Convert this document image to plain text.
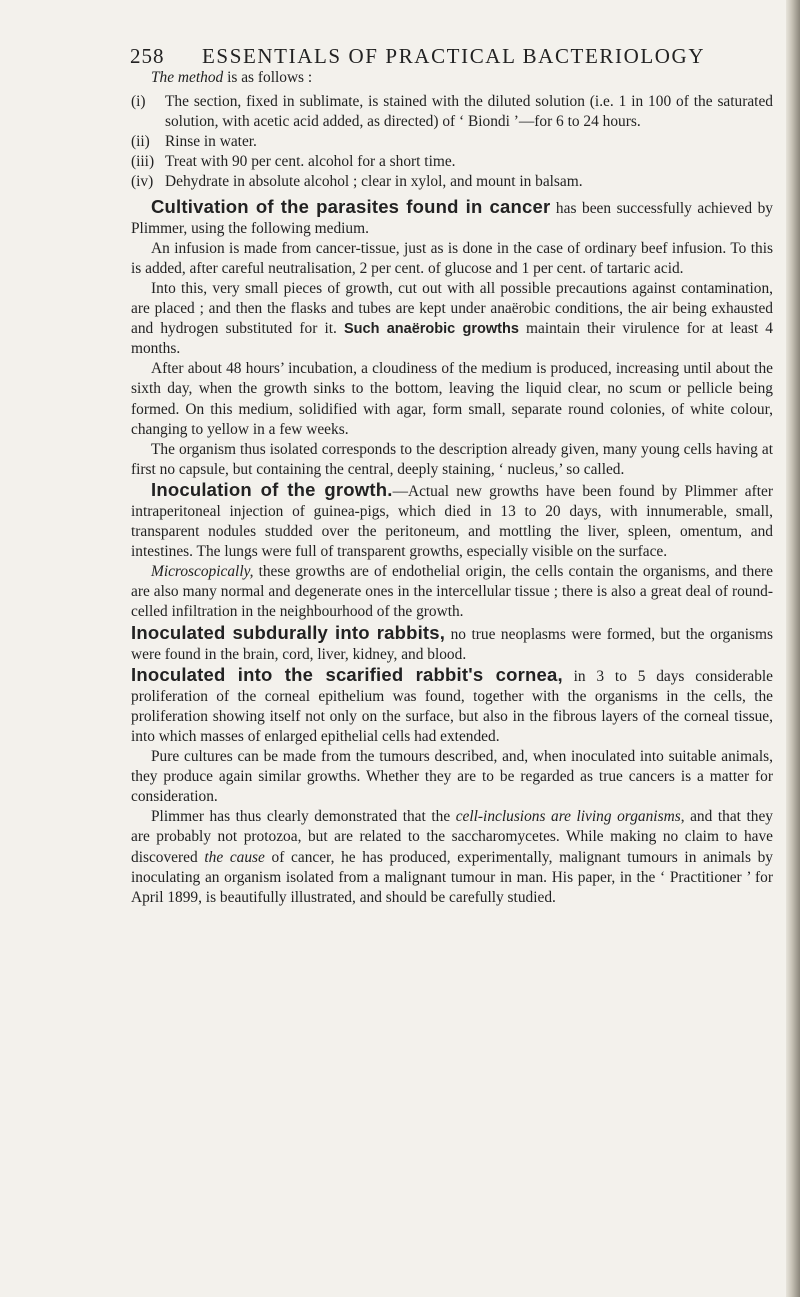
258 ESSENTIALS OF PRACTICAL BACTERIOLOGY

The method is as follows :

(i) The section, fixed in sublimate, is stained with the diluted solution (i.e. 1 in 100 of the saturated solution, with acetic acid added, as directed) of ‘ Biondi ’—for 6 to 24 hours.
(ii) Rinse in water.
(iii) Treat with 90 per cent. alcohol for a short time.
(iv) Dehydrate in absolute alcohol ; clear in xylol, and mount in balsam.

Cultivation of the parasites found in cancer has been successfully achieved by Plimmer, using the following medium.

An infusion is made from cancer-tissue, just as is done in the case of ordinary beef infusion. To this is added, after careful neutralisation, 2 per cent. of glucose and 1 per cent. of tartaric acid.

Into this, very small pieces of growth, cut out with all possible precautions against contamination, are placed ; and then the flasks and tubes are kept under anaërobic conditions, the air being exhausted and hydrogen substituted for it. Such anaërobic growths maintain their virulence for at least 4 months.

After about 48 hours’ incubation, a cloudiness of the medium is produced, increasing until about the sixth day, when the growth sinks to the bottom, leaving the liquid clear, no scum or pellicle being formed. On this medium, solidified with agar, form small, separate round colonies, of white colour, changing to yellow in a few weeks.

The organism thus isolated corresponds to the description already given, many young cells having at first no capsule, but containing the central, deeply staining, ‘ nucleus,’ so called.

Inoculation of the growth.—Actual new growths have been found by Plimmer after intraperitoneal injection of guinea-pigs, which died in 13 to 20 days, with innumerable, small, transparent nodules studded over the peritoneum, and mottling the liver, spleen, omentum, and intestines. The lungs were full of transparent growths, especially visible on the surface.

Microscopically, these growths are of endothelial origin, the cells contain the organisms, and there are also many normal and degenerate ones in the intercellular tissue ; there is also a great deal of round-celled infiltration in the neighbourhood of the growth.

Inoculated subdurally into rabbits, no true neoplasms were formed, but the organisms were found in the brain, cord, liver, kidney, and blood.

Inoculated into the scarified rabbit's cornea, in 3 to 5 days considerable proliferation of the corneal epithelium was found, together with the organisms in the cells, the proliferation showing itself not only on the surface, but also in the fibrous layers of the corneal tissue, into which masses of enlarged epithelial cells had extended.

Pure cultures can be made from the tumours described, and, when inoculated into suitable animals, they produce again similar growths. Whether they are to be regarded as true cancers is a matter for consideration.

Plimmer has thus clearly demonstrated that the cell-inclusions are living organisms, and that they are probably not protozoa, but are related to the saccharomycetes. While making no claim to have discovered the cause of cancer, he has produced, experimentally, malignant tumours in animals by inoculating an organism isolated from a malignant tumour in man. His paper, in the ‘ Practitioner ’ for April 1899, is beautifully illustrated, and should be carefully studied.
